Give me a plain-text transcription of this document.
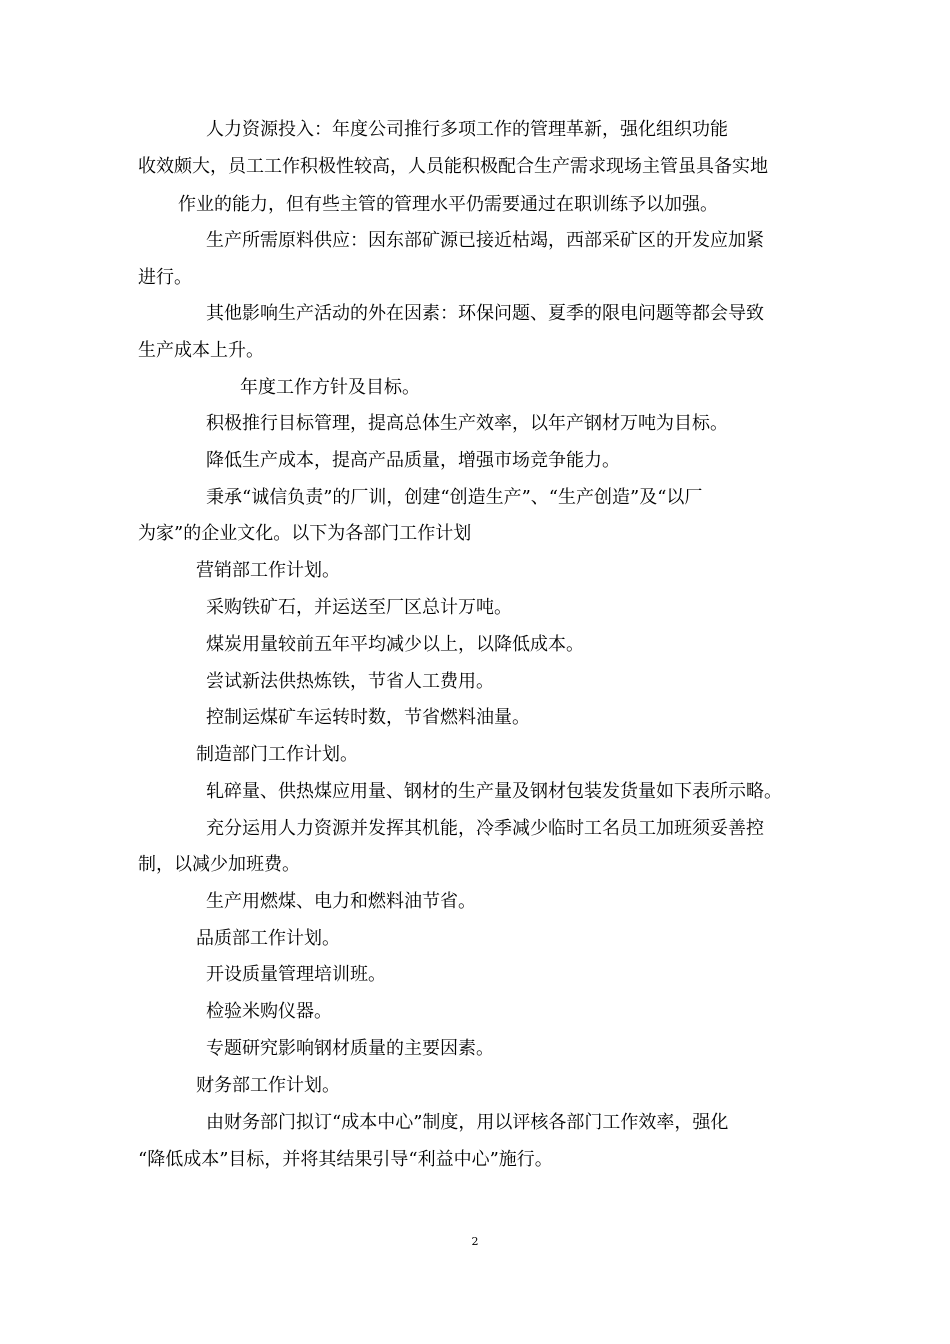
人力资源投入：年度公司推行多项工作的管理革新，强化组织功能
收效颇大，员工工作积极性较高，人员能积极配合生产需求现场主管虽具备实地
作业的能力，但有些主管的管理水平仍需要通过在职训练予以加强。
生产所需原料供应：因东部矿源已接近枯竭，西部采矿区的开发应加紧
进行。
其他影响生产活动的外在因素：环保问题、夏季的限电问题等都会导致
生产成本上升。
年度工作方针及目标。
积极推行目标管理，提高总体生产效率，以年产钢材万吨为目标。
降低生产成本，提高产品质量，增强市场竞争能力。
秉承“诚信负责”的厂训，创建“创造生产”、“生产创造”及“以厂
为家”的企业文化。以下为各部门工作计划
营销部工作计划。
采购铁矿石，并运送至厂区总计万吨。
煤炭用量较前五年平均减少以上，以降低成本。
尝试新法供热炼铁，节省人工费用。
控制运煤矿车运转时数，节省燃料油量。
制造部门工作计划。
轧碎量、供热煤应用量、钢材的生产量及钢材包装发货量如下表所示略。
充分运用人力资源并发挥其机能，冷季减少临时工名员工加班须妥善控
制，以减少加班费。
生产用燃煤、电力和燃料油节省。
品质部工作计划。
开设质量管理培训班。
检验米购仪器。
专题研究影响钢材质量的主要因素。
财务部工作计划。
由财务部门拟订“成本中心”制度，用以评核各部门工作效率，强化
“降低成本”目标，并将其结果引导“利益中心”施行。
2
